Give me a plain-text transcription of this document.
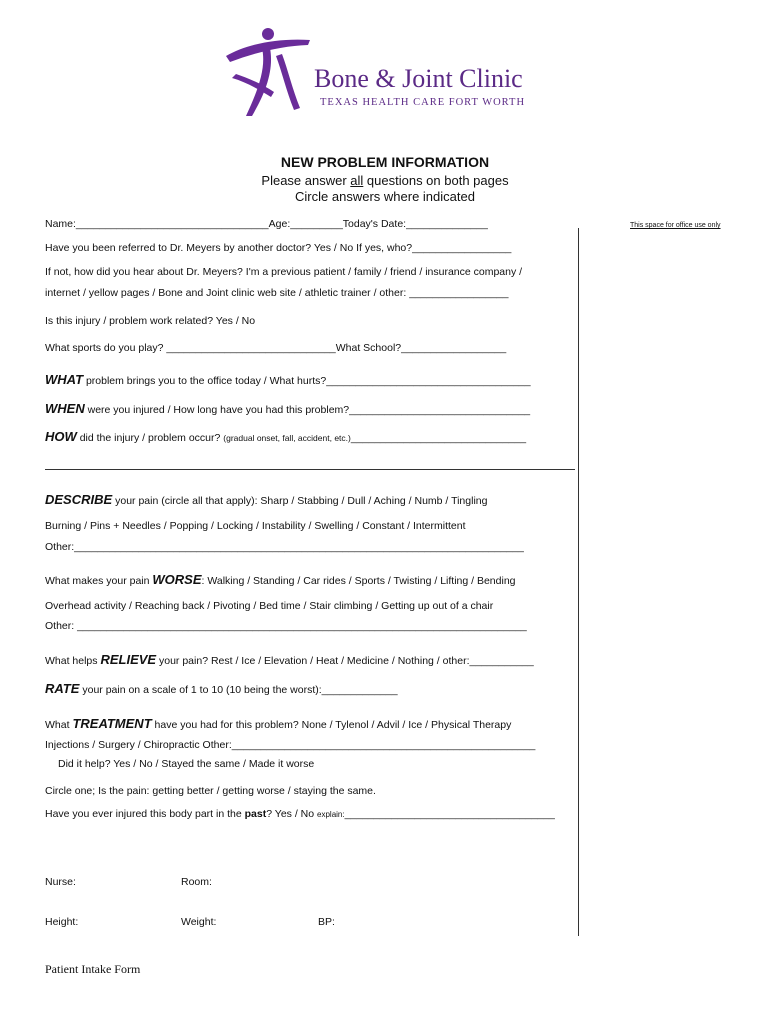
Bone & Joint Clinic
TEXAS HEALTH CARE FORT WORTH
NEW PROBLEM INFORMATION
Please answer all questions on both pages
Circle answers where indicated
This space for office use only
Name:_________________________________Age:_________Today's Date:______________
Have you been referred to Dr. Meyers by another doctor? Yes / No If yes, who?_________________
If not, how did you hear about Dr. Meyers? I'm a previous patient / family / friend / insurance company /
internet / yellow pages / Bone and Joint clinic web site / athletic trainer / other: _________________
Is this injury / problem work related? Yes / No
What sports do you play? _____________________________What School?__________________
WHAT problem brings you to the office today / What hurts?___________________________________
WHEN were you injured / How long have you had this problem?_______________________________
HOW did the injury / problem occur? (gradual onset, fall, accident, etc.)______________________________
DESCRIBE your pain (circle all that apply): Sharp / Stabbing / Dull / Aching / Numb / Tingling
Burning / Pins + Needles / Popping / Locking / Instability / Swelling / Constant / Intermittent
Other:_____________________________________________________________________________
What makes your pain WORSE: Walking / Standing / Car rides / Sports / Twisting / Lifting / Bending
Overhead activity / Reaching back / Pivoting / Bed time / Stair climbing / Getting up out of a chair
Other: _____________________________________________________________________________
What helps RELIEVE your pain? Rest / Ice / Elevation / Heat / Medicine / Nothing / other:___________
RATE your pain on a scale of 1 to 10 (10 being the worst):_____________
What TREATMENT have you had for this problem? None / Tylenol / Advil / Ice / Physical Therapy
Injections / Surgery / Chiropractic Other:____________________________________________________
Did it help? Yes / No / Stayed the same / Made it worse
Circle one; Is the pain: getting better / getting worse / staying the same.
Have you ever injured this body part in the past? Yes / No explain:____________________________________
Nurse:	Room:
Height:	Weight:	BP:
Patient Intake Form
